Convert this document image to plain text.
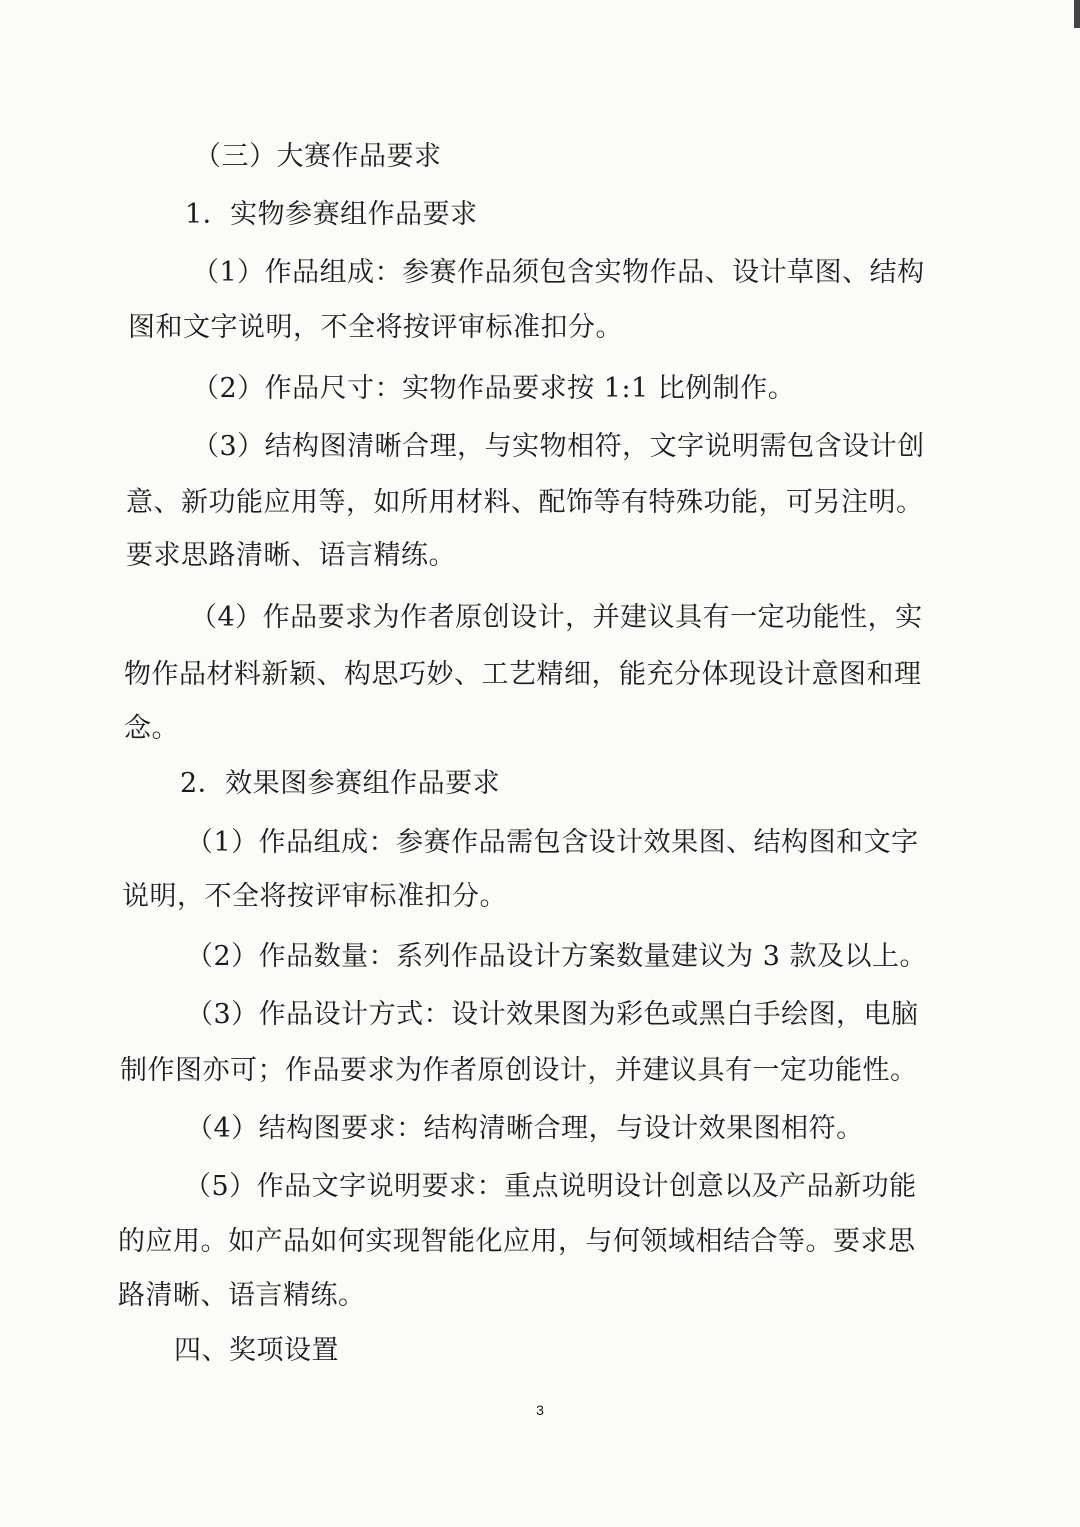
（三）大赛作品要求
1．实物参赛组作品要求
（1）作品组成：参赛作品须包含实物作品、设计草图、结构
图和文字说明，不全将按评审标准扣分。
（2）作品尺寸：实物作品要求按 1:1 比例制作。
（3）结构图清晰合理，与实物相符，文字说明需包含设计创
意、新功能应用等，如所用材料、配饰等有特殊功能，可另注明。
要求思路清晰、语言精练。
（4）作品要求为作者原创设计，并建议具有一定功能性，实
物作品材料新颖、构思巧妙、工艺精细，能充分体现设计意图和理
念。
2．效果图参赛组作品要求
（1）作品组成：参赛作品需包含设计效果图、结构图和文字
说明，不全将按评审标准扣分。
（2）作品数量：系列作品设计方案数量建议为 3 款及以上。
（3）作品设计方式：设计效果图为彩色或黑白手绘图，电脑
制作图亦可；作品要求为作者原创设计，并建议具有一定功能性。
（4）结构图要求：结构清晰合理，与设计效果图相符。
（5）作品文字说明要求：重点说明设计创意以及产品新功能
的应用。如产品如何实现智能化应用，与何领域相结合等。要求思
路清晰、语言精练。
四、奖项设置
3
